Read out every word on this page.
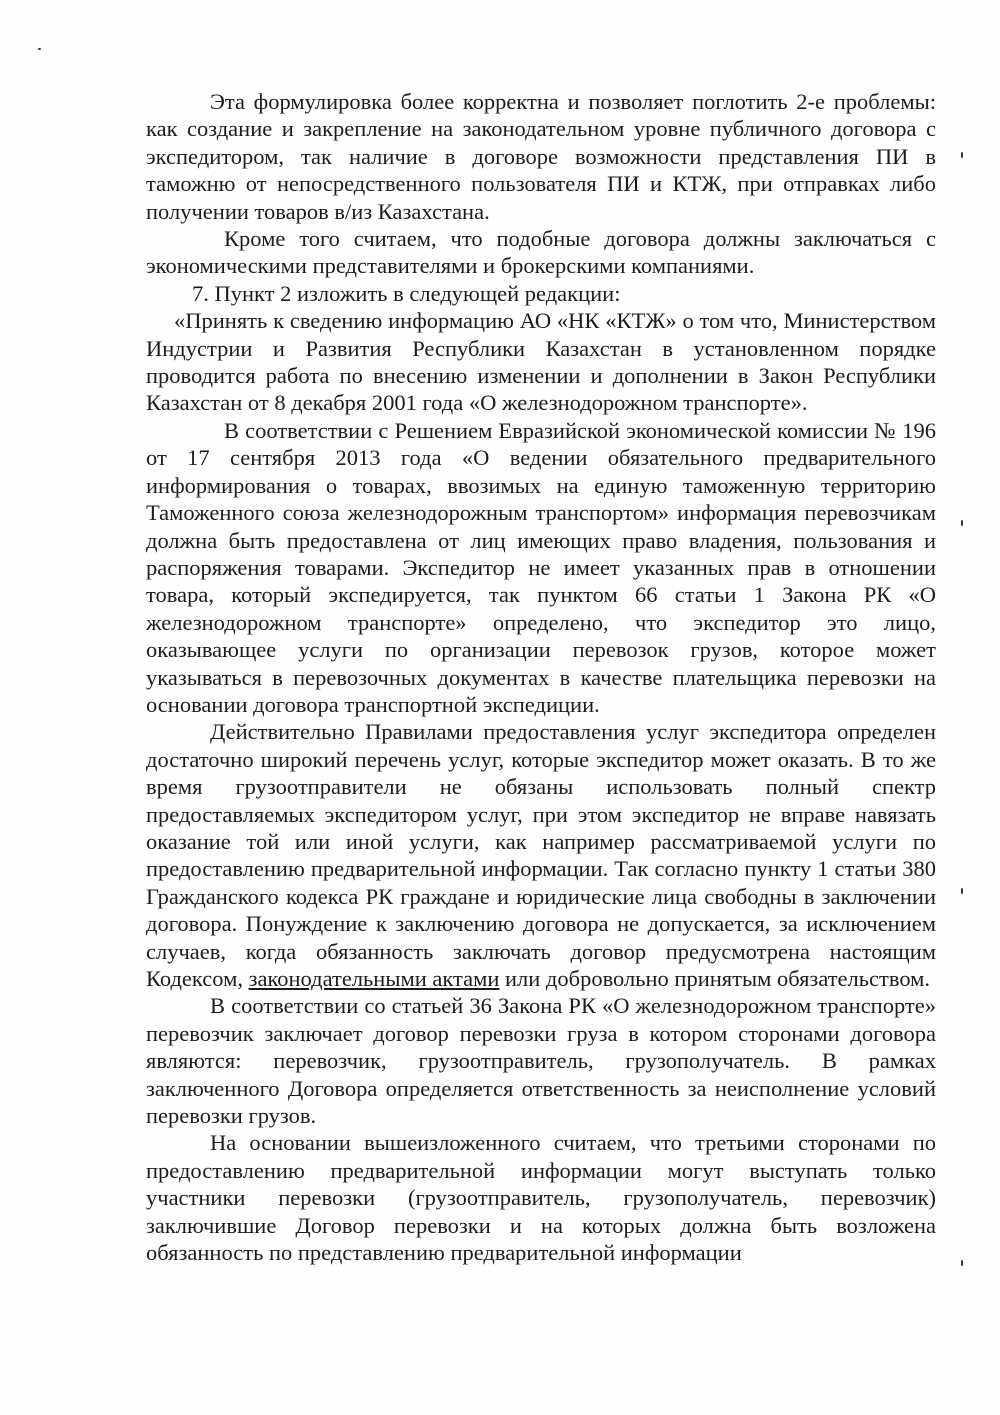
Эта формулировка более корректна и позволяет поглотить 2-е проблемы: как создание и закрепление на законодательном уровне публичного договора с экспедитором, так наличие в договоре возможности представления ПИ в таможню от непосредственного пользователя ПИ и КТЖ, при отправках либо получении товаров в/из Казахстана.

Кроме того считаем, что подобные договора должны заключаться с экономическими представителями и брокерскими компаниями.

7. Пункт 2 изложить в следующей редакции:

«Принять к сведению информацию АО «НК «КТЖ» о том что, Министерством Индустрии и Развития Республики Казахстан в установленном порядке проводится работа по внесению изменении и дополнении в Закон Республики Казахстан от 8 декабря 2001 года «О железнодорожном транспорте».

В соответствии с Решением Евразийской экономической комиссии № 196 от 17 сентября 2013 года «О ведении обязательного предварительного информирования о товарах, ввозимых на единую таможенную территорию Таможенного союза железнодорожным транспортом» информация перевозчикам должна быть предоставлена от лиц имеющих право владения, пользования и распоряжения товарами. Экспедитор не имеет указанных прав в отношении товара, который экспедируется, так пунктом 66 статьи 1 Закона РК «О железнодорожном транспорте» определено, что экспедитор это лицо, оказывающее услуги по организации перевозок грузов, которое может указываться в перевозочных документах в качестве плательщика перевозки на основании договора транспортной экспедиции.

Действительно Правилами предоставления услуг экспедитора определен достаточно широкий перечень услуг, которые экспедитор может оказать. В то же время грузоотправители не обязаны использовать полный спектр предоставляемых экспедитором услуг, при этом экспедитор не вправе навязать оказание той или иной услуги, как например рассматриваемой услуги по предоставлению предварительной информации. Так согласно пункту 1 статьи 380 Гражданского кодекса РК граждане и юридические лица свободны в заключении договора. Понуждение к заключению договора не допускается, за исключением случаев, когда обязанность заключать договор предусмотрена настоящим Кодексом, законодательными актами или добровольно принятым обязательством.

В соответствии со статьей 36 Закона РК «О железнодорожном транспорте» перевозчик заключает договор перевозки груза в котором сторонами договора являются: перевозчик, грузоотправитель, грузополучатель. В рамках заключенного Договора определяется ответственность за неисполнение условий перевозки грузов.

На основании вышеизложенного считаем, что третьими сторонами по предоставлению предварительной информации могут выступать только участники перевозки (грузоотправитель, грузополучатель, перевозчик) заключившие Договор перевозки и на которых должна быть возложена обязанность по представлению предварительной информации
